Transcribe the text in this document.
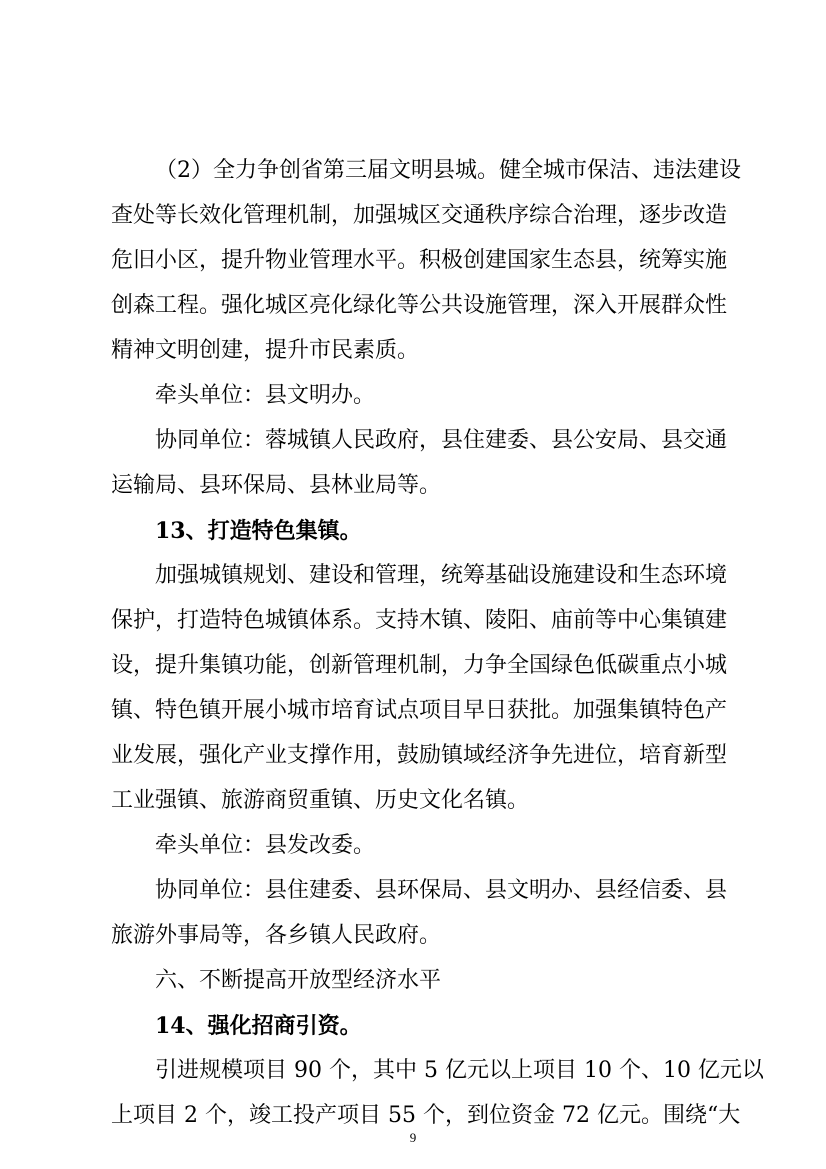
（2）全力争创省第三届文明县城。健全城市保洁、违法建设
查处等长效化管理机制，加强城区交通秩序综合治理，逐步改造
危旧小区，提升物业管理水平。积极创建国家生态县，统筹实施
创森工程。强化城区亮化绿化等公共设施管理，深入开展群众性
精神文明创建，提升市民素质。
牵头单位：县文明办。
协同单位：蓉城镇人民政府，县住建委、县公安局、县交通
运输局、县环保局、县林业局等。
13、打造特色集镇。
加强城镇规划、建设和管理，统筹基础设施建设和生态环境
保护，打造特色城镇体系。支持木镇、陵阳、庙前等中心集镇建
设，提升集镇功能，创新管理机制，力争全国绿色低碳重点小城
镇、特色镇开展小城市培育试点项目早日获批。加强集镇特色产
业发展，强化产业支撑作用，鼓励镇域经济争先进位，培育新型
工业强镇、旅游商贸重镇、历史文化名镇。
牵头单位：县发改委。
协同单位：县住建委、县环保局、县文明办、县经信委、县
旅游外事局等，各乡镇人民政府。
六、不断提高开放型经济水平
14、强化招商引资。
引进规模项目 90 个，其中 5 亿元以上项目 10 个、10 亿元以
上项目 2 个，竣工投产项目 55 个，到位资金 72 亿元。围绕“大
9
